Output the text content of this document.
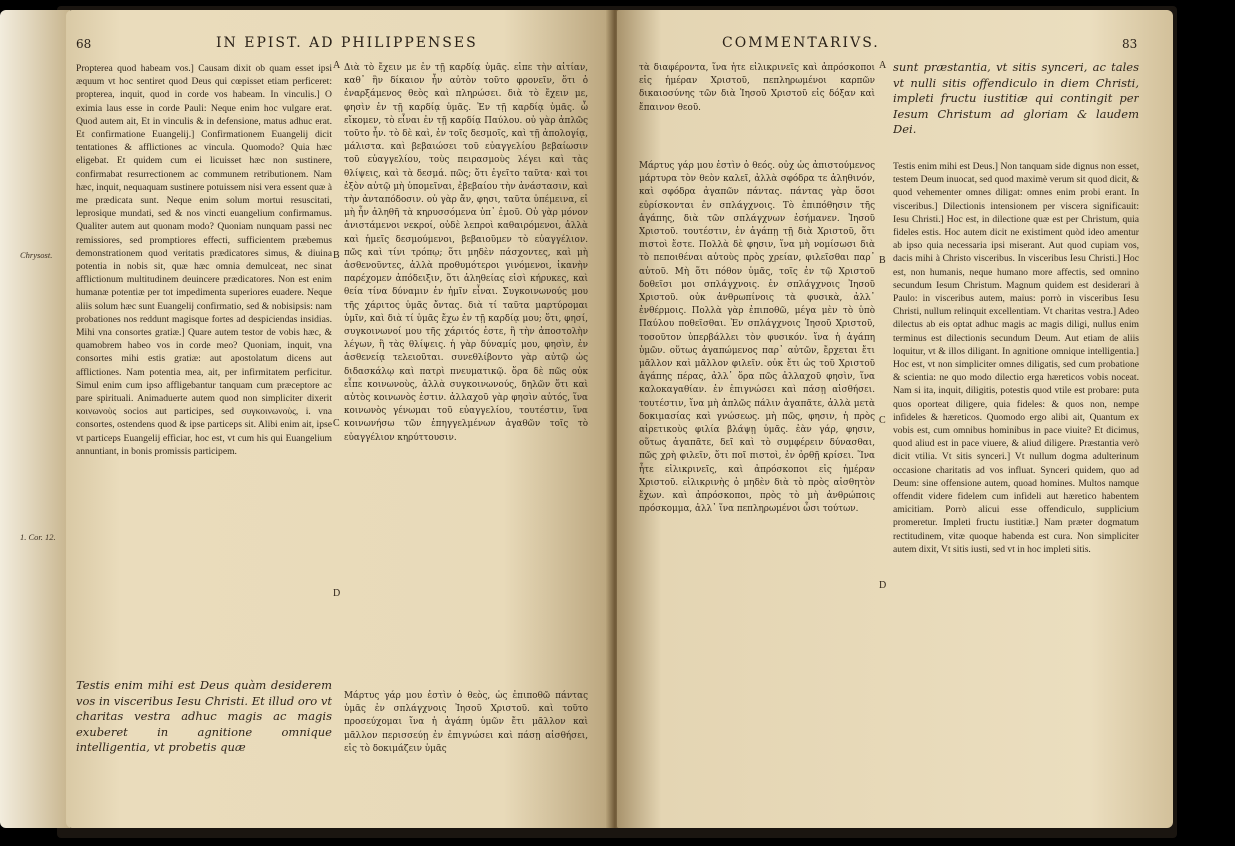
68	IN EPIST. AD PHILIPPENSES

Propterea quod habeam vos.] Causam dixit ob quam esset ipsi æquum vt hoc sentiret quod Deus qui cœpisset etiam perficeret: propterea, inquit, quod in corde vos habeam. In vinculis.] O eximia laus esse in corde Pauli: Neque enim hoc vulgare erat. Quod autem ait, Et in vinculis & in defensione, matus adhuc erat. Et confirmatione Euangelij.] Confirmationem Euangelij dicit tentationes & afflictiones ac vincula. Quomodo? Quia hæc eligebat. Et quidem cum ei licuisset hæc non sustinere, confirmabat resurrectionem ac communem retributionem. Nam hæc, inquit, nequaquam sustinere potuissem nisi vera essent quæ à me prædicata sunt. Neque enim solum mortui resuscitati, leprosique mundati, sed & nos vincti euangelium confirmamus. Qualiter autem aut quonam modo? Quoniam nunquam passi nec remissiores, sed promptiores effecti, sufficientem præbemus demonstrationem quod veritatis prædicatores simus, & diuina potentia in nobis sit, quæ hæc omnia demulceat, nec sinat afflictionum multitudinem deuincere prædicatores. Non est enim humanæ potentiæ per tot impedimenta superiores euadere. Neque aliis solum hæc sunt Euangelij confirmatio, sed & nobisipsis: nam probationes nos reddunt magisque fortes ad despiciendas insidias. Mihi vna consortes gratiæ.] Quare autem testor de vobis hæc, & quamobrem habeo vos in corde meo? Quoniam, inquit, vna consortes mihi estis gratiæ: aut apostolatum dicens aut afflictiones. Nam potentia mea, ait, per infirmitatem perficitur. Simul enim cum ipso affligebantur tanquam cum præceptore ac pare spirituali. Animaduerte autem quod non simpliciter dixerit κοινωνοὺς socios aut participes, sed συγκοινωνοὺς, i. vna consortes, ostendens quod & ipse particeps sit. Alibi enim ait, ipse vt particeps Euangelij efficiar, hoc est, vt cum his qui Euangelium annuntiant, in bonis promissis participem.

Διὰ τὸ ἔχειν με ἐν τῇ καρδίᾳ ὑμᾶς. εἶπε τὴν αἰτίαν, καθ᾽ ἣν δίκαιον ἦν αὐτὸν τοῦτο φρονεῖν, ὅτι ὁ ἐναρξάμενος θεὸς καὶ πληρώσει. διὰ τὸ ἔχειν με, φησὶν ἐν τῇ καρδίᾳ ὑμᾶς. Ἐν τῇ καρδίᾳ ὑμᾶς. ὦ εἴκομεν, τὸ εἶναι ἐν τῇ καρδίᾳ Παύλου. οὐ γὰρ ἁπλῶς τοῦτο ἦν. τὸ δὲ καὶ, ἐν τοῖς δεσμοῖς, καὶ τῇ ἀπολογίᾳ, μάλιστα. καὶ βεβαιώσει τοῦ εὐαγγελίου βεβαίωσιν τοῦ εὐαγγελίου, τοὺς πειρασμοὺς λέγει καὶ τὰς θλίψεις, καὶ τὰ δεσμά. πῶς; ὅτι ἐγεῖτο ταῦτα· καὶ τοι ἐξὸν αὐτῷ μὴ ὑπομεῖναι, ἐβεβαίου τὴν ἀνάστασιν, καὶ τὴν ἀνταπόδοσιν. οὐ γὰρ ἄν, φησι, ταῦτα ὑπέμεινα, εἰ μὴ ἦν ἀληθῆ τὰ κηρυσσόμενα ὑπ᾽ ἐμοῦ. Οὐ γὰρ μόνον ἀνιστάμενοι νεκροί, οὐδὲ λεπροὶ καθαιρόμενοι, ἀλλὰ καὶ ἡμεῖς δεσμούμενοι, βεβαιοῦμεν τὸ εὐαγγέλιον. πῶς καὶ τίνι τρόπῳ; ὅτι μηδὲν πάσχοντες, καὶ μὴ ἀσθενοῦντες, ἀλλὰ προθυμότεροι γινόμενοι, ἱκανὴν παρέχομεν ἀπόδειξιν, ὅτι ἀληθείας εἰσὶ κήρυκες, καὶ θεία τίνα δύναμιν ἐν ἡμῖν εἶναι. Συγκοινωνούς μου τῆς χάριτος ὑμᾶς ὄντας. διὰ τί ταῦτα μαρτύρομαι ὑμῖν, καὶ διὰ τί ὑμᾶς ἔχω ἐν τῇ καρδίᾳ μου; ὅτι, φησί, συγκοινωνοί μου τῆς χάριτός ἐστε, ἢ τὴν ἀποστολὴν λέγων, ἢ τὰς θλίψεις. ἡ γὰρ δύναμίς μου, φησὶν, ἐν ἀσθενείᾳ τελειοῦται. συνεθλίβοντο γὰρ αὐτῷ ὡς διδασκάλῳ καὶ πατρὶ πνευματικῷ. ὅρα δὲ πῶς οὐκ εἶπε κοινωνοὺς, ἀλλὰ συγκοινωνούς, δηλῶν ὅτι καὶ αὐτὸς κοινωνὸς ἐστιν. ἀλλαχοῦ γὰρ φησὶν αὐτός, ἵνα κοινωνὸς γένωμαι τοῦ εὐαγγελίου, τουτέστιν, ἵνα κοινωνήσω τῶν ἐπηγγελμένων ἀγαθῶν τοῖς τὸ εὐαγγέλιον κηρύττουσιν.

Testis enim mihi est Deus quàm desiderem vos in visceribus Iesu Christi. Et illud oro vt charitas vestra adhuc magis ac magis exuberet in agnitione omnique intelligentia, vt probetis quæ

Μάρτυς γάρ μου ἐστὶν ὁ θεὸς, ὡς ἐπιποθῶ πάντας ὑμᾶς ἐν σπλάγχνοις Ἰησοῦ Χριστοῦ. καὶ τοῦτο προσεύχομαι ἵνα ἡ ἀγάπη ὑμῶν ἔτι μᾶλλον καὶ μᾶλλον περισσεύῃ ἐν ἐπιγνώσει καὶ πάσῃ αἰσθήσει, εἰς τὸ δοκιμάζειν ὑμᾶς

A
B
C
D
Chrysost.
1. Cor. 12.
COMMENTARIVS.	83

τὰ διαφέροντα, ἵνα ἦτε εἰλικρινεῖς καὶ ἀπρόσκοποι εἰς ἡμέραν Χριστοῦ, πεπληρωμένοι καρπῶν δικαιοσύνης τῶν διὰ Ἰησοῦ Χριστοῦ εἰς δόξαν καὶ ἔπαινον θεοῦ.

sunt præstantia, vt sitis synceri, ac tales vt nulli sitis offendiculo in diem Christi, impleti fructu iustitiæ qui contingit per Iesum Christum ad gloriam & laudem Dei.

Μάρτυς γάρ μου ἐστὶν ὁ θεός. οὐχ ὡς ἀπιστούμενος μάρτυρα τὸν θεὸν καλεῖ, ἀλλὰ σφόδρα τε ἀληθινόν, καὶ σφόδρα ἀγαπῶν πάντας. πάντας γὰρ ὅσοι εὑρίσκονται ἐν σπλάγχνοις. Τὸ ἐπιπόθησιν τῆς ἀγάπης, διὰ τῶν σπλάγχνων ἐσήμανεν. Ἰησοῦ Χριστοῦ. τουτέστιν, ἐν ἀγάπῃ τῇ διὰ Χριστοῦ, ὅτι πιστοὶ ἔστε. Πολλὰ δὲ φησιν, ἵνα μὴ νομίσωσι διὰ τὸ πεποιθέναι αὐτοὺς πρὸς χρείαν, φιλεῖσθαι παρ᾽ αὐτοῦ. Μὴ ὅτι πόθον ὑμᾶς, τοῖς ἐν τῷ Χριστοῦ δοθεῖσι μοι σπλάγχνοις. ἐν σπλάγχνοις Ἰησοῦ Χριστοῦ. οὐκ ἀνθρωπίνοις τὰ φυσικὰ, ἀλλ᾽ ἐνθέρμοις. Πολλὰ γὰρ ἐπιποθῶ, μέγα μὲν τὸ ὑπὸ Παύλου ποθεῖσθαι. Ἐν σπλάγχνοις Ἰησοῦ Χριστοῦ, τοσοῦτον ὑπερβάλλει τὸν φυσικόν. ἵνα ἡ ἀγάπη ὑμῶν. οὕτως ἀγαπώμενος παρ᾽ αὐτῶν, ἔρχεται ἔτι μᾶλλον καὶ μᾶλλον φιλεῖν. οὐκ ἔτι ὡς τοῦ Χριστοῦ ἀγάπης πέρας, ἀλλ᾽ ὅρα πῶς ἀλλαχοῦ φησὶν, ἵνα καλοκαγαθίαν. ἐν ἐπιγνώσει καὶ πάσῃ αἰσθήσει. τουτέστιν, ἵνα μὴ ἁπλῶς πάλιν ἀγαπᾶτε, ἀλλὰ μετὰ δοκιμασίας καὶ γνώσεως. μὴ πῶς, φησιν, ἡ πρὸς αἱρετικοὺς φιλία βλάψῃ ὑμᾶς. ἐὰν γάρ, φησιν, οὕτως ἀγαπᾶτε, δεῖ καὶ τὸ συμφέρειν δύνασθαι, πῶς χρὴ φιλεῖν, ὅτι ποῖ πιστοὶ, ἐν ὀρθῇ κρίσει. Ἵνα ἦτε εἰλικρινεῖς, καὶ ἀπρόσκοποι εἰς ἡμέραν Χριστοῦ. εἰλικρινὴς ὁ μηδὲν διὰ τὸ πρὸς αἰσθητὸν ἔχων. καὶ ἀπρόσκοποι, πρὸς τὸ μὴ ἀνθρώποις πρόσκομμα, ἀλλ᾽ ἵνα πεπληρωμένοι ὦσι τούτων.

Testis enim mihi est Deus.] Non tanquam side dignus non esset, testem Deum inuocat, sed quod maximè verum sit quod dicit, & quod vehementer omnes diligat: omnes enim probi erant. In visceribus.] Dilectionis intensionem per viscera significauit: Iesu Christi.] Hoc est, in dilectione quæ est per Christum, quia fideles estis. Hoc autem dicit ne existiment quòd ideo amentur ab ipso quia necessaria ipsi miserant. Aut quod cupiam vos, dacis mihi à Christo visceribus. In visceribus Iesu Christi.] Hoc est, non humanis, neque humano more affectis, sed omnino secundum Iesum Christum. Magnum quidem est desiderari à Paulo: in visceribus autem, maius: porrò in visceribus Iesu Christi, nullum relinquit excellentiam. Vt charitas vestra.] Adeo dilectus ab eis optat adhuc magis ac magis diligi, nullus enim terminus est dilectionis secundum Deum. Aut etiam de aliis loquitur, vt & illos diligant. In agnitione omnique intelligentia.] Hoc est, vt non simpliciter omnes diligatis, sed cum probatione & scientia: ne quo modo dilectio erga hæreticos vobis noceat. Nam si ita, inquit, diligitis, potestis quod vtile est probare: puta quos oporteat diligere, quia fideles: & quos non, nempe infideles & hæreticos. Quomodo ergo alibi ait, Quantum ex vobis est, cum omnibus hominibus in pace viuite? Et dicimus, quod aliud est in pace viuere, & aliud diligere. Præstantia verò dicit vtilia. Vt sitis synceri.] Vt nullum dogma adulterinum occasione charitatis ad vos influat. Synceri quidem, quo ad Deum: sine offensione autem, quoad homines. Multos namque offendit videre fidelem cum infideli aut hæretico habentem amicitiam. Porrò alicui esse offendiculo, supplicium promeretur. Impleti fructu iustitiæ.] Nam præter dogmatum rectitudinem, vitæ quoque habenda est cura. Non simpliciter autem dixit, Vt sitis iusti, sed vt in hoc impleti sitis.

A
B
C
D
